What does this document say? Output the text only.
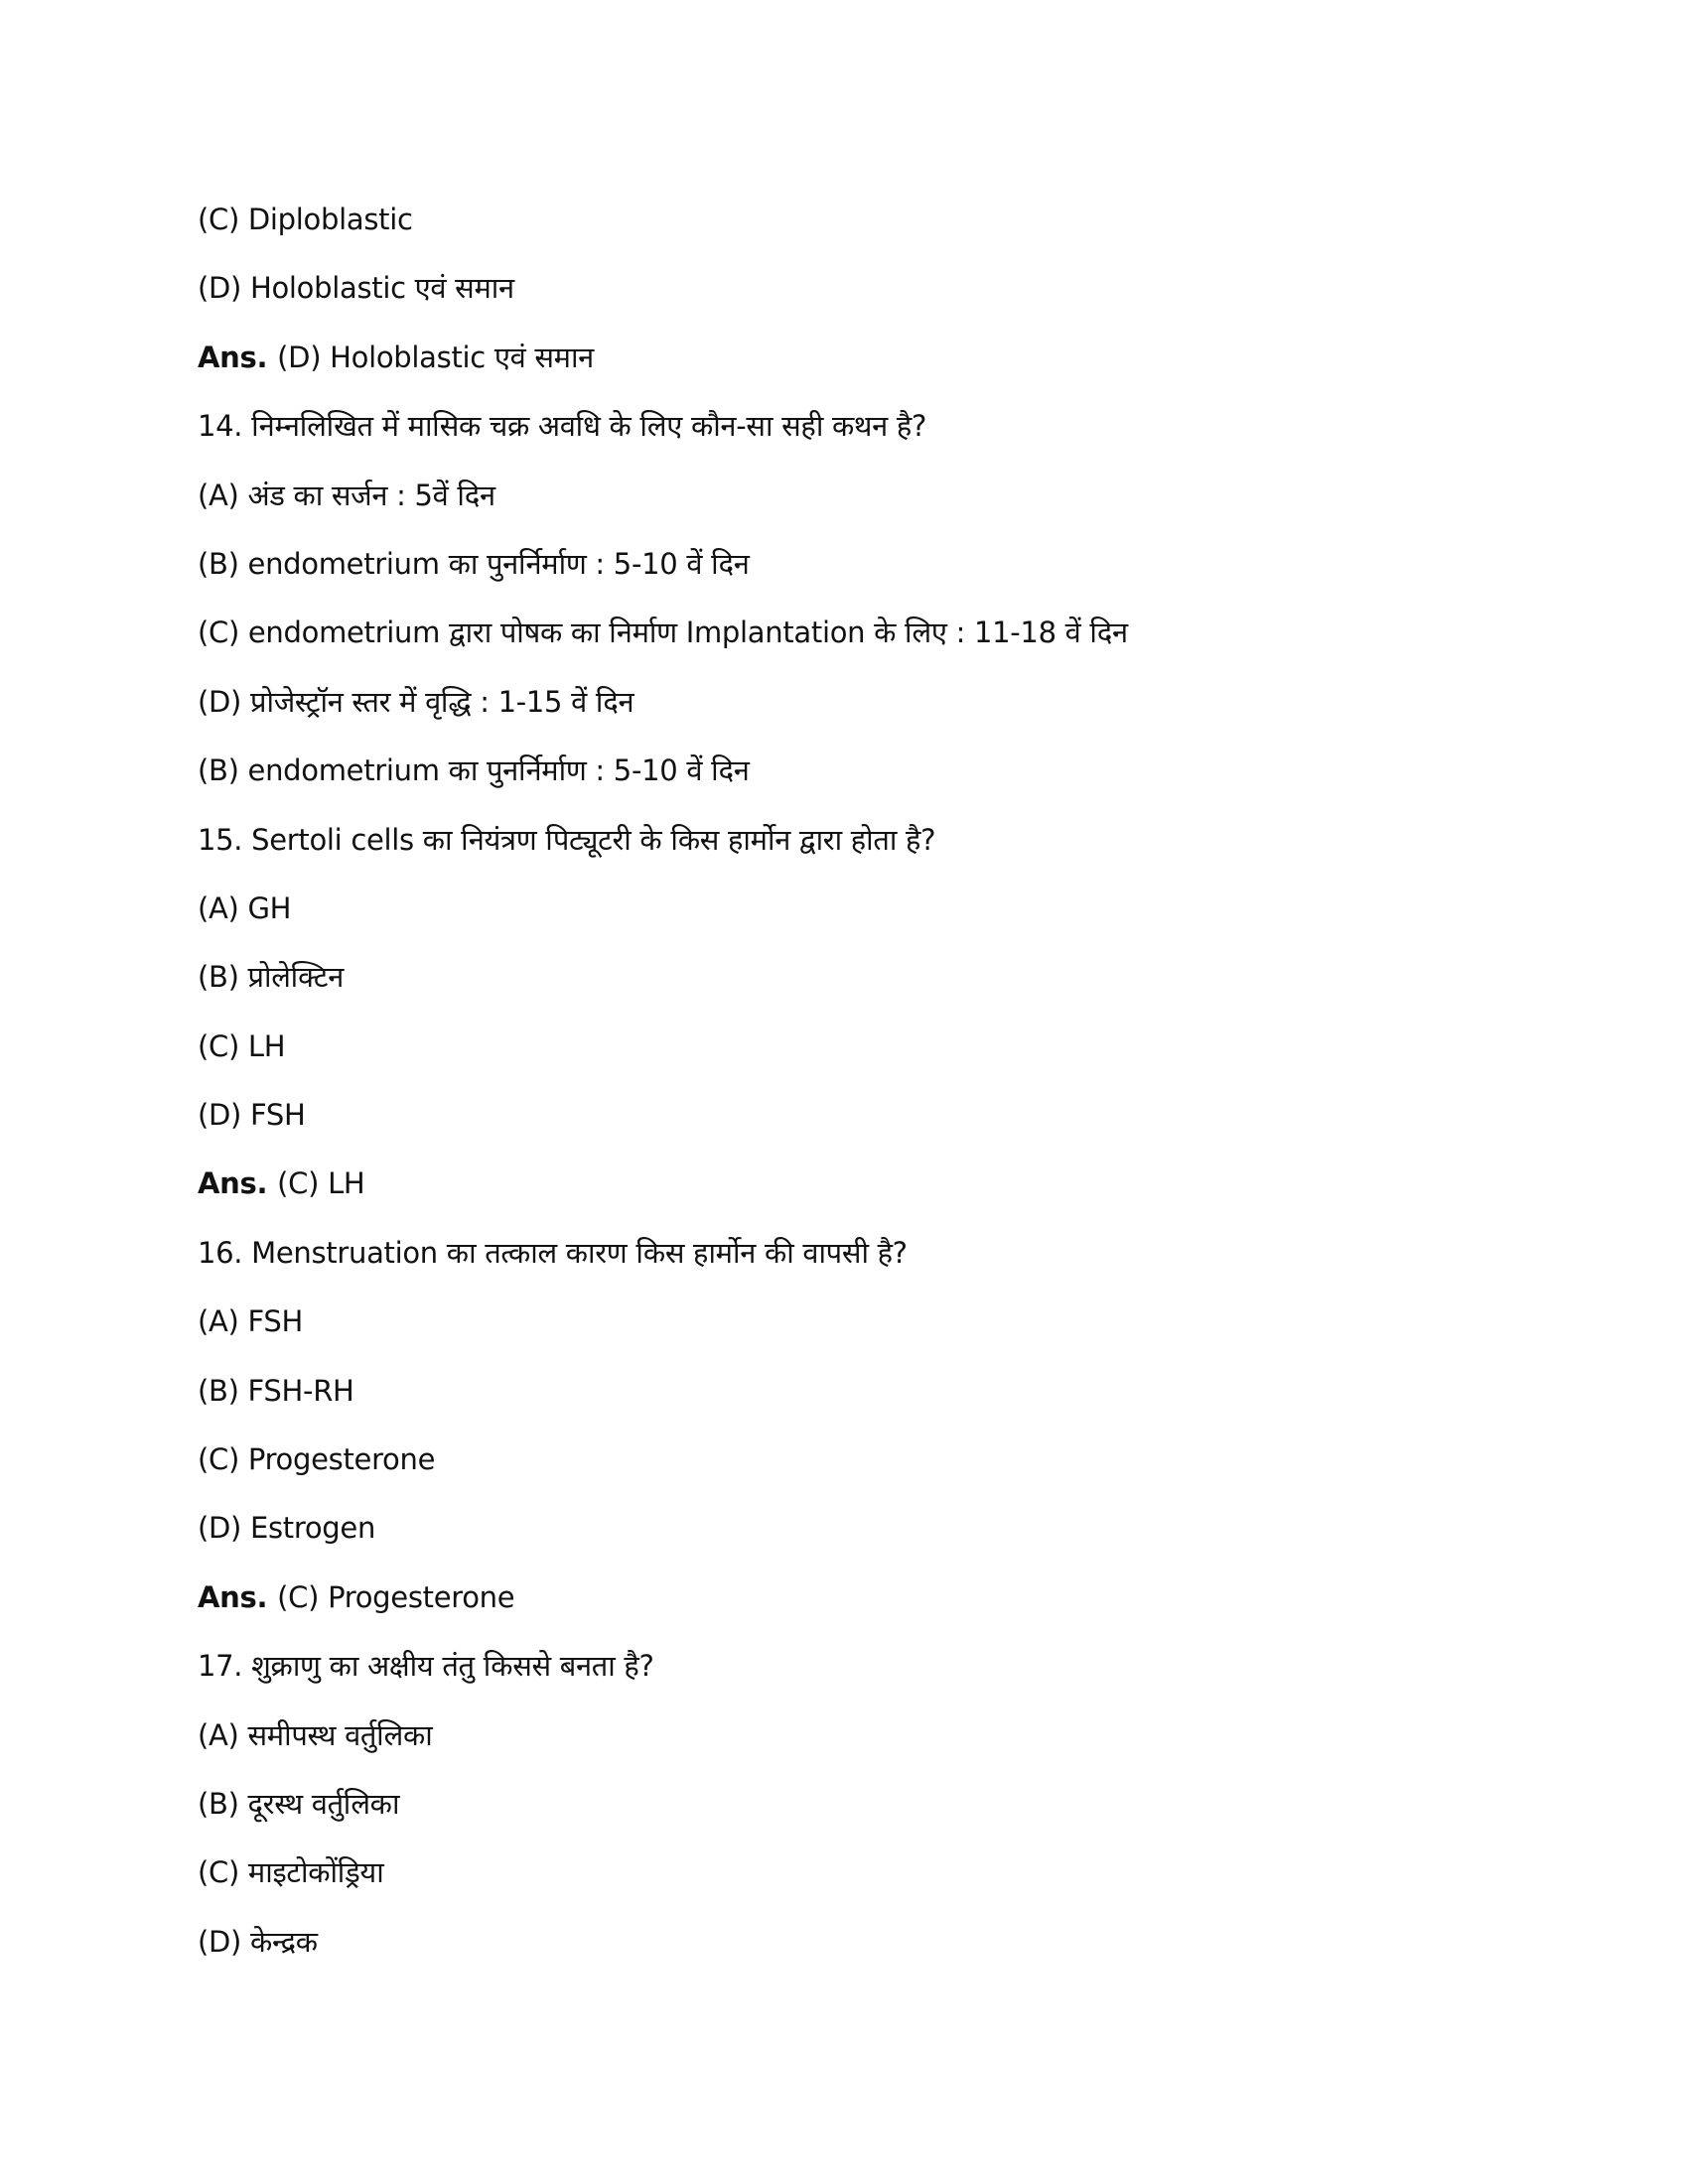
(C) Diploblastic
(D) Holoblastic एवं समान
Ans. (D) Holoblastic एवं समान
14. निम्नलिखित में मासिक चक्र अवधि के लिए कौन-सा सही कथन है?
(A) अंड का सर्जन : 5वें दिन
(B) endometrium का पुनर्निर्माण : 5-10 वें दिन
(C) endometrium द्वारा पोषक का निर्माण Implantation के लिए : 11-18 वें दिन
(D) प्रोजेस्ट्रॉन स्तर में वृद्धि : 1-15 वें दिन
(B) endometrium का पुनर्निर्माण : 5-10 वें दिन
15. Sertoli cells का नियंत्रण पिट्यूटरी के किस हार्मोन द्वारा होता है?
(A) GH
(B) प्रोलेक्टिन
(C) LH
(D) FSH
Ans. (C) LH
16. Menstruation का तत्काल कारण किस हार्मोन की वापसी है?
(A) FSH
(B) FSH-RH
(C) Progesterone
(D) Estrogen
Ans. (C) Progesterone
17. शुक्राणु का अक्षीय तंतु किससे बनता है?
(A) समीपस्थ वर्तुलिका
(B) दूरस्थ वर्तुलिका
(C) माइटोकोंड्रिया
(D) केन्द्रक
